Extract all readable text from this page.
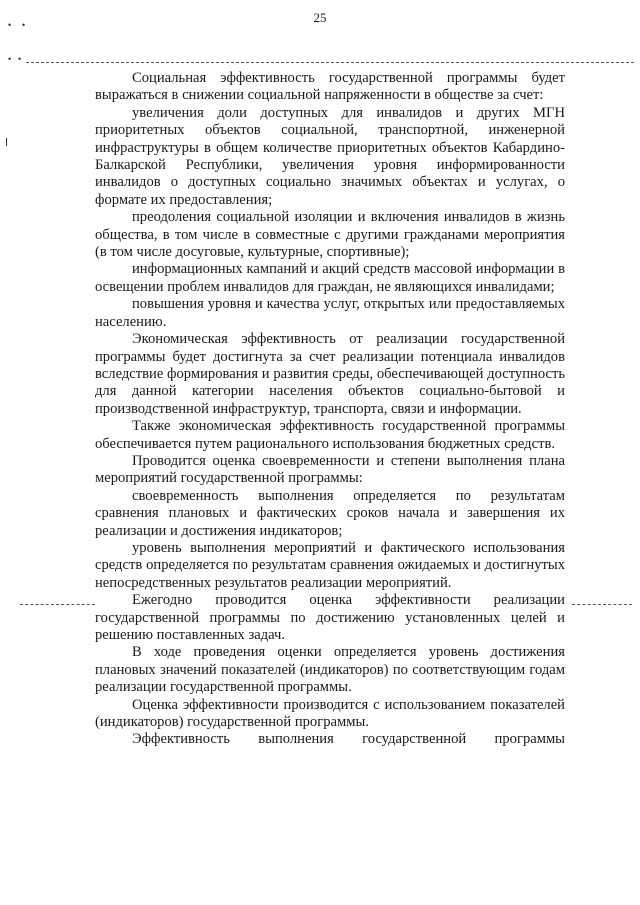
25
• •
• •

Социальная эффективность государственной программы будет выражаться в снижении социальной напряженности в обществе за счет:

увеличения доли доступных для инвалидов и других МГН приоритетных объектов социальной, транспортной, инженерной инфраструктуры в общем количестве приоритетных объектов Кабардино-Балкарской Республики, увеличения уровня информированности инвалидов о доступных социально значимых объектах и услугах, о формате их предоставления;

преодоления социальной изоляции и включения инвалидов в жизнь общества, в том числе в совместные с другими гражданами мероприятия (в том числе досуговые, культурные, спортивные);

информационных кампаний и акций средств массовой информации в освещении проблем инвалидов для граждан, не являющихся инвалидами;

повышения уровня и качества услуг, открытых или предоставляемых населению.

Экономическая эффективность от реализации государственной программы будет достигнута за счет реализации потенциала инвалидов вследствие формирования и развития среды, обеспечивающей доступность для данной категории населения объектов социально-бытовой и производственной инфраструктур, транспорта, связи и информации.

Также экономическая эффективность государственной программы обеспечивается путем рационального использования бюджетных средств.

Проводится оценка своевременности и степени выполнения плана мероприятий государственной программы:

своевременность выполнения определяется по результатам сравнения плановых и фактических сроков начала и завершения их реализации и достижения индикаторов;

уровень выполнения мероприятий и фактического использования средств определяется по результатам сравнения ожидаемых и достигнутых непосредственных результатов реализации мероприятий.

Ежегодно проводится оценка эффективности реализации государственной программы по достижению установленных целей и решению поставленных задач.

В ходе проведения оценки определяется уровень достижения плановых значений показателей (индикаторов) по соответствующим годам реализации государственной программы.

Оценка эффективности производится с использованием показателей (индикаторов) государственной программы.

Эффективность выполнения государственной программы
